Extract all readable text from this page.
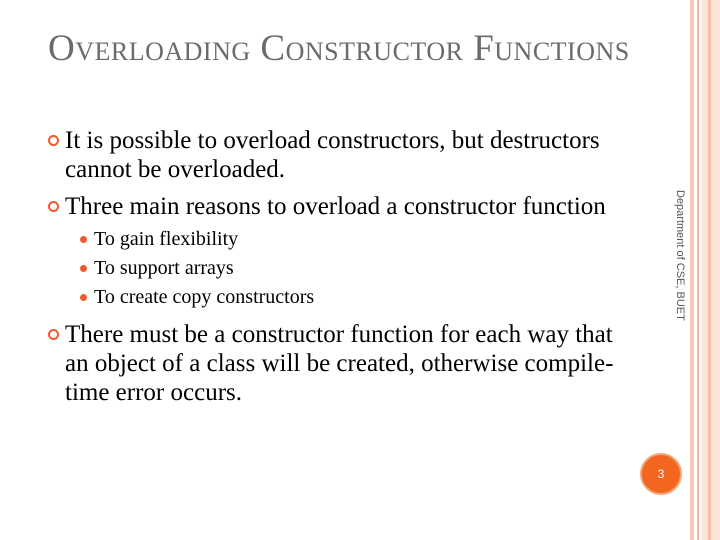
Overloading Constructor Functions
It is possible to overload constructors, but destructors cannot be overloaded.
Three main reasons to overload a constructor function
To gain flexibility
To support arrays
To create copy constructors
There must be a constructor function for each way that an object of a class will be created, otherwise compile-time error occurs.
Department of CSE, BUET
3
